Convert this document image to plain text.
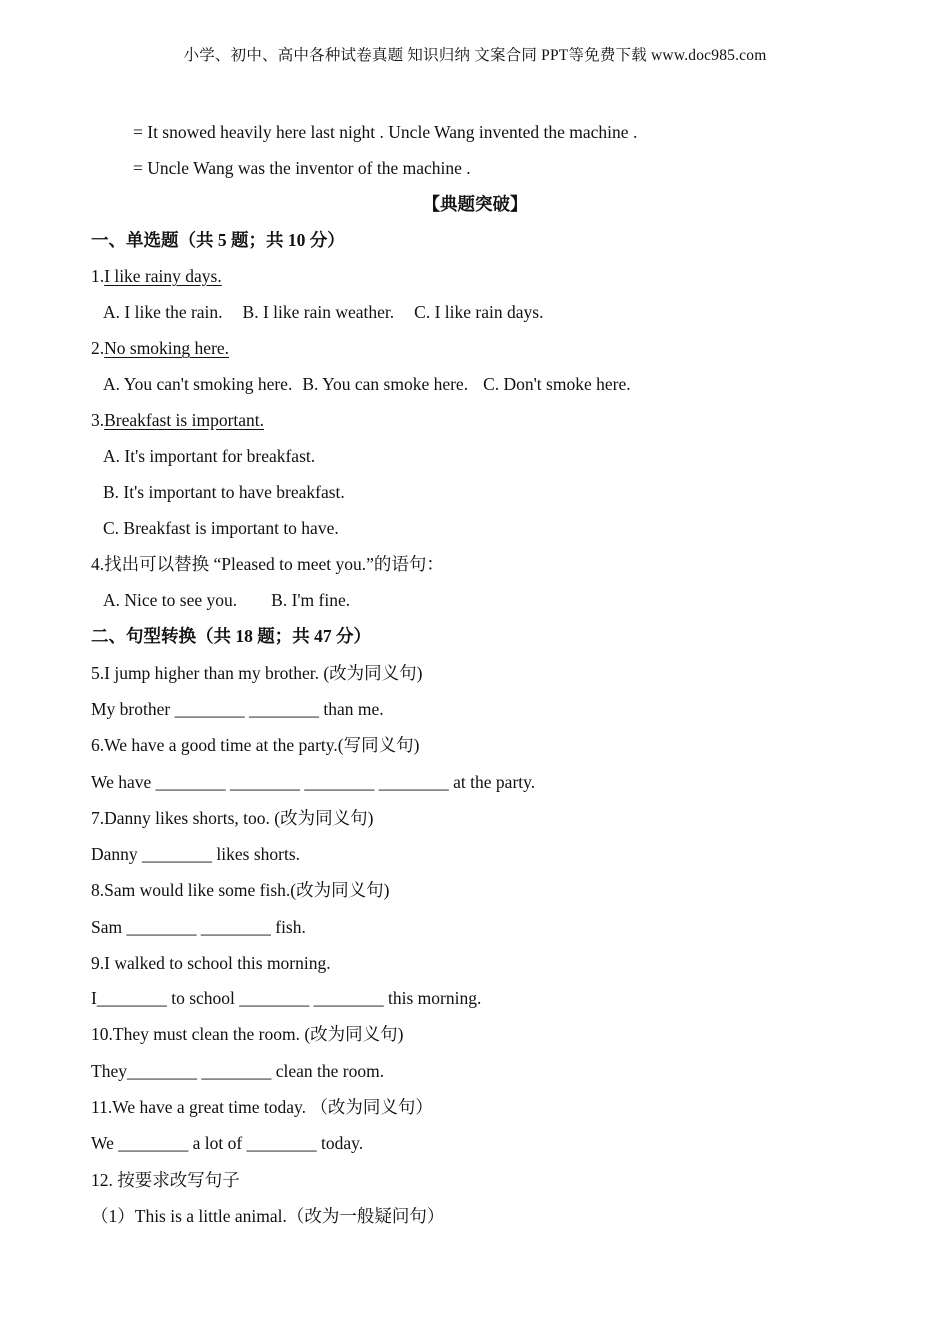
小学、初中、高中各种试卷真题 知识归纳 文案合同 PPT等免费下载 www.doc985.com
= It snowed heavily here last night . Uncle Wang invented the machine .
= Uncle Wang was the inventor of the machine .
【典题突破】
一、单选题（共 5 题；共 10 分）
1.I like rainy days.
A. I like the rain. B. I like rain weather. C. I like rain days.
2.No smoking here.
A. You can't smoking here. B. You can smoke here. C. Don't smoke here.
3.Breakfast is important.
A. It's important for breakfast.
B. It's important to have breakfast.
C. Breakfast is important to have.
4.找出可以替换 “Pleased to meet you.”的语句：
A. Nice to see you. B. I'm fine.
二、句型转换（共 18 题；共 47 分）
5.I jump higher than my brother. (改为同义句)
My brother ________ ________ than me.
6.We have a good time at the party.(写同义句)
We have ________ ________ ________ ________ at the party.
7.Danny likes shorts, too. (改为同义句)
Danny ________ likes shorts.
8.Sam would like some fish.(改为同义句)
Sam ________ ________ fish.
9.I walked to school this morning.
I________ to school ________ ________ this morning.
10.They must clean the room. (改为同义句)
They________ ________ clean the room.
11.We have a great time today. （改为同义句）
We ________ a lot of ________ today.
12. 按要求改写句子
（1）This is a little animal.（改为一般疑问句）
